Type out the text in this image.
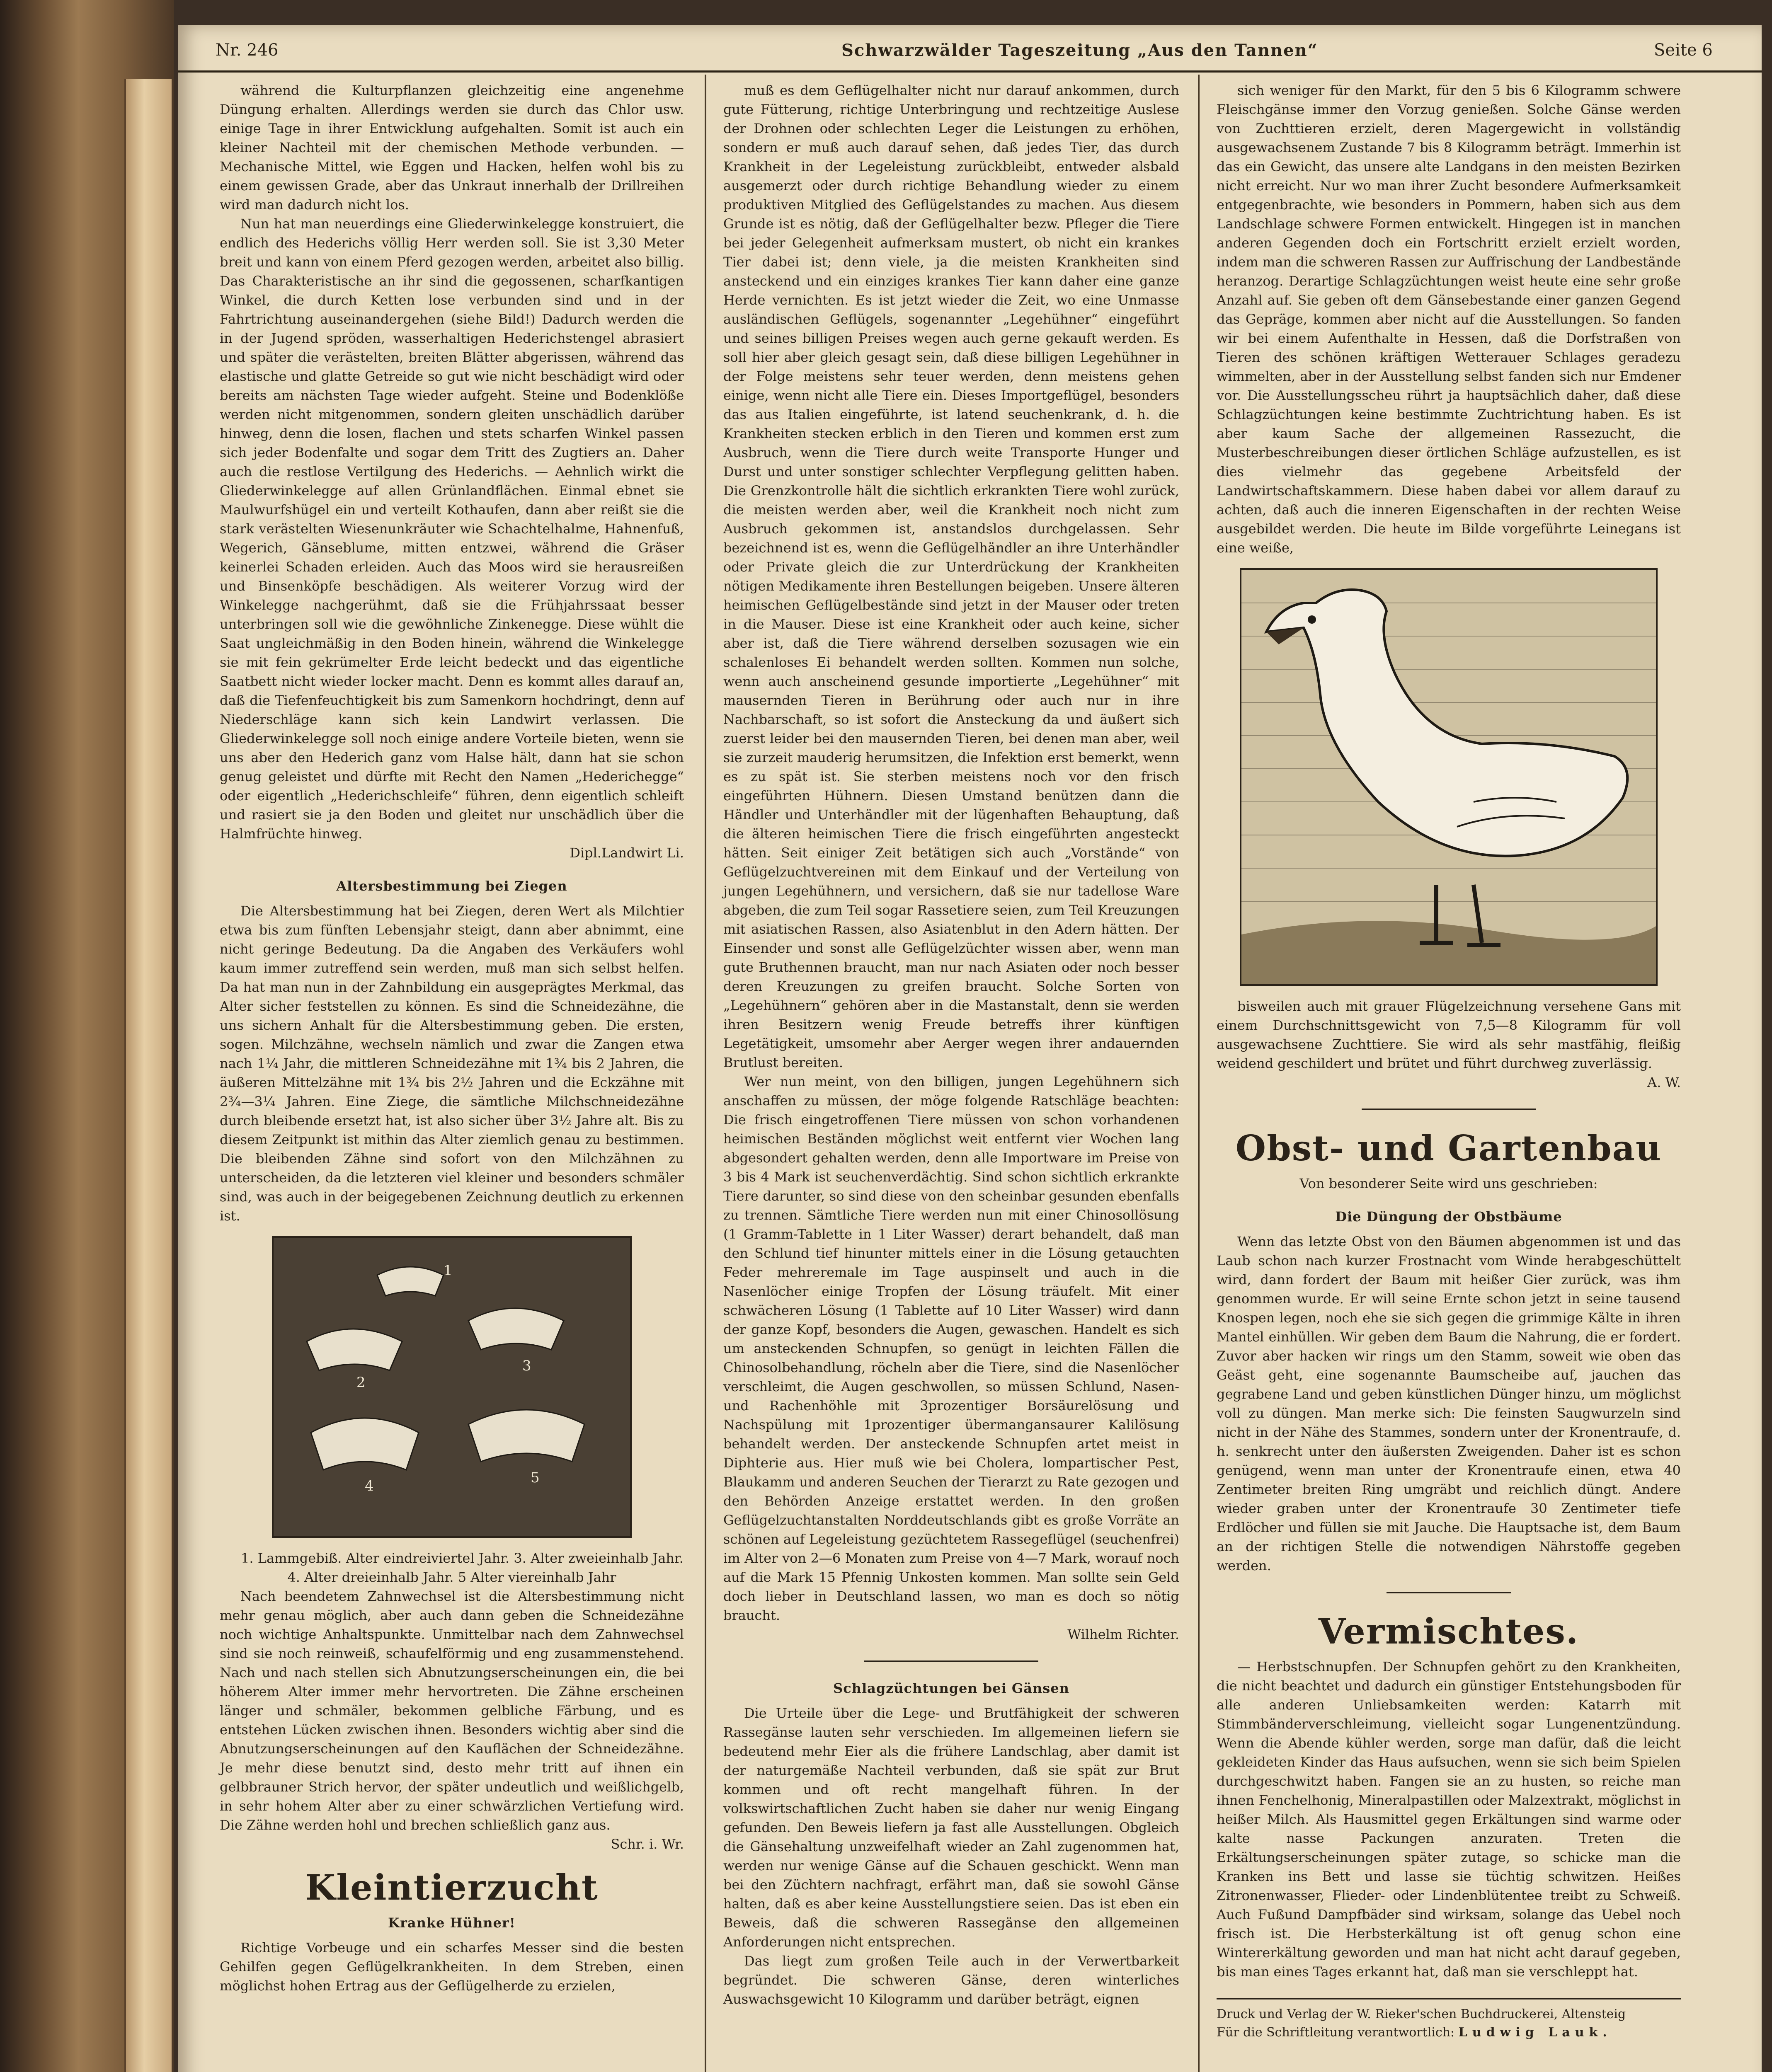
Nr. 246	Schwarzwälder Tageszeitung „Aus den Tannen“	Seite 6

während die Kulturpflanzen gleichzeitig eine angenehme Düngung erhalten. Allerdings werden sie durch das Chlor usw. einige Tage in ihrer Entwicklung aufgehalten. Somit ist auch ein kleiner Nachteil mit der chemischen Methode verbunden. — Mechanische Mittel, wie Eggen und Hacken, helfen wohl bis zu einem gewissen Grade, aber das Unkraut innerhalb der Drillreihen wird man dadurch nicht los.

Nun hat man neuerdings eine Gliederwinkelegge konstruiert, die endlich des Hederichs völlig Herr werden soll. Sie ist 3,30 Meter breit und kann von einem Pferd gezogen werden, arbeitet also billig. Das Charakteristische an ihr sind die gegossenen, scharfkantigen Winkel, die durch Ketten lose verbunden sind und in der Fahrtrichtung auseinandergehen (siehe Bild!) Dadurch werden die in der Jugend spröden, wasserhaltigen Hederichstengel abrasiert und später die verästelten, breiten Blätter abgerissen, während das elastische und glatte Getreide so gut wie nicht beschädigt wird oder bereits am nächsten Tage wieder aufgeht. Steine und Bodenklöße werden nicht mitgenommen, sondern gleiten unschädlich darüber hinweg, denn die losen, flachen und stets scharfen Winkel passen sich jeder Bodenfalte und sogar dem Tritt des Zugtiers an. Daher auch die restlose Vertilgung des Hederichs. — Aehnlich wirkt die Gliederwinkelegge auf allen Grünlandflächen. Einmal ebnet sie Maulwurfshügel ein und verteilt Kothaufen, dann aber reißt sie die stark verästelten Wiesenunkräuter wie Schachtelhalme, Hahnenfuß, Wegerich, Gänseblume, mitten entzwei, während die Gräser keinerlei Schaden erleiden. Auch das Moos wird sie herausreißen und Binsenköpfe beschädigen. Als weiterer Vorzug wird der Winkelegge nachgerühmt, daß sie die Frühjahrssaat besser unterbringen soll wie die gewöhnliche Zinkenegge. Diese wühlt die Saat ungleichmäßig in den Boden hinein, während die Winkelegge sie mit fein gekrümelter Erde leicht bedeckt und das eigentliche Saatbett nicht wieder locker macht. Denn es kommt alles darauf an, daß die Tiefenfeuchtigkeit bis zum Samenkorn hochdringt, denn auf Niederschläge kann sich kein Landwirt verlassen. Die Gliederwinkelegge soll noch einige andere Vorteile bieten, wenn sie uns aber den Hederich ganz vom Halse hält, dann hat sie schon genug geleistet und dürfte mit Recht den Namen „Hederichegge“ oder eigentlich „Hederichschleife“ führen, denn eigentlich schleift und rasiert sie ja den Boden und gleitet nur unschädlich über die Halmfrüchte hinweg.

Dipl.Landwirt Li.

Altersbestimmung bei Ziegen

Die Altersbestimmung hat bei Ziegen, deren Wert als Milchtier etwa bis zum fünften Lebensjahr steigt, dann aber abnimmt, eine nicht geringe Bedeutung. Da die Angaben des Verkäufers wohl kaum immer zutreffend sein werden, muß man sich selbst helfen. Da hat man nun in der Zahnbildung ein ausgeprägtes Merkmal, das Alter sicher feststellen zu können. Es sind die Schneidezähne, die uns sichern Anhalt für die Altersbestimmung geben. Die ersten, sogen. Milchzähne, wechseln nämlich und zwar die Zangen etwa nach 1¼ Jahr, die mittleren Schneidezähne mit 1¾ bis 2 Jahren, die äußeren Mittelzähne mit 1¾ bis 2½ Jahren und die Eckzähne mit 2¾—3¼ Jahren. Eine Ziege, die sämtliche Milchschneidezähne durch bleibende ersetzt hat, ist also sicher über 3½ Jahre alt. Bis zu diesem Zeitpunkt ist mithin das Alter ziemlich genau zu bestimmen. Die bleibenden Zähne sind sofort von den Milchzähnen zu unterscheiden, da die letzteren viel kleiner und besonders schmäler sind, was auch in der beigegebenen Zeichnung deutlich zu erkennen ist.

1
2
3
4	5

1. Lammgebiß. Alter eindreiviertel Jahr. 3. Alter zweieinhalb Jahr. 4. Alter dreieinhalb Jahr. 5 Alter viereinhalb Jahr

Nach beendetem Zahnwechsel ist die Altersbestimmung nicht mehr genau möglich, aber auch dann geben die Schneidezähne noch wichtige Anhaltspunkte. Unmittelbar nach dem Zahnwechsel sind sie noch reinweiß, schaufelförmig und eng zusammenstehend. Nach und nach stellen sich Abnutzungserscheinungen ein, die bei höherem Alter immer mehr hervortreten. Die Zähne erscheinen länger und schmäler, bekommen gelbliche Färbung, und es entstehen Lücken zwischen ihnen. Besonders wichtig aber sind die Abnutzungserscheinungen auf den Kauflächen der Schneidezähne. Je mehr diese benutzt sind, desto mehr tritt auf ihnen ein gelbbrauner Strich hervor, der später undeutlich und weißlichgelb, in sehr hohem Alter aber zu einer schwärzlichen Vertiefung wird. Die Zähne werden hohl und brechen schließlich ganz aus.

Schr. i. Wr.

Kleintierzucht
Kranke Hühner!

Richtige Vorbeuge und ein scharfes Messer sind die besten Gehilfen gegen Geflügelkrankheiten. In dem Streben, einen möglichst hohen Ertrag aus der Geflügelherde zu erzielen,

muß es dem Geflügelhalter nicht nur darauf ankommen, durch gute Fütterung, richtige Unterbringung und rechtzeitige Auslese der Drohnen oder schlechten Leger die Leistungen zu erhöhen, sondern er muß auch darauf sehen, daß jedes Tier, das durch Krankheit in der Legeleistung zurückbleibt, entweder alsbald ausgemerzt oder durch richtige Behandlung wieder zu einem produktiven Mitglied des Geflügelstandes zu machen. Aus diesem Grunde ist es nötig, daß der Geflügelhalter bezw. Pfleger die Tiere bei jeder Gelegenheit aufmerksam mustert, ob nicht ein krankes Tier dabei ist; denn viele, ja die meisten Krankheiten sind ansteckend und ein einziges krankes Tier kann daher eine ganze Herde vernichten. Es ist jetzt wieder die Zeit, wo eine Unmasse ausländischen Geflügels, sogenannter „Legehühner“ eingeführt und seines billigen Preises wegen auch gerne gekauft werden. Es soll hier aber gleich gesagt sein, daß diese billigen Legehühner in der Folge meistens sehr teuer werden, denn meistens gehen einige, wenn nicht alle Tiere ein. Dieses Importgeflügel, besonders das aus Italien eingeführte, ist latend seuchenkrank, d. h. die Krankheiten stecken erblich in den Tieren und kommen erst zum Ausbruch, wenn die Tiere durch weite Transporte Hunger und Durst und unter sonstiger schlechter Verpflegung gelitten haben. Die Grenzkontrolle hält die sichtlich erkrankten Tiere wohl zurück, die meisten werden aber, weil die Krankheit noch nicht zum Ausbruch gekommen ist, anstandslos durchgelassen. Sehr bezeichnend ist es, wenn die Geflügelhändler an ihre Unterhändler oder Private gleich die zur Unterdrückung der Krankheiten nötigen Medikamente ihren Bestellungen beigeben. Unsere älteren heimischen Geflügelbestände sind jetzt in der Mauser oder treten in die Mauser. Diese ist eine Krankheit oder auch keine, sicher aber ist, daß die Tiere während derselben sozusagen wie ein schalenloses Ei behandelt werden sollten. Kommen nun solche, wenn auch anscheinend gesunde importierte „Legehühner“ mit mausernden Tieren in Berührung oder auch nur in ihre Nachbarschaft, so ist sofort die Ansteckung da und äußert sich zuerst leider bei den mausernden Tieren, bei denen man aber, weil sie zurzeit mauderig herumsitzen, die Infektion erst bemerkt, wenn es zu spät ist. Sie sterben meistens noch vor den frisch eingeführten Hühnern. Diesen Umstand benützen dann die Händler und Unterhändler mit der lügenhaften Behauptung, daß die älteren heimischen Tiere die frisch eingeführten angesteckt hätten. Seit einiger Zeit betätigen sich auch „Vorstände“ von Geflügelzuchtvereinen mit dem Einkauf und der Verteilung von jungen Legehühnern, und versichern, daß sie nur tadellose Ware abgeben, die zum Teil sogar Rassetiere seien, zum Teil Kreuzungen mit asiatischen Rassen, also Asiatenblut in den Adern hätten. Der Einsender und sonst alle Geflügelzüchter wissen aber, wenn man gute Bruthennen braucht, man nur nach Asiaten oder noch besser deren Kreuzungen zu greifen braucht. Solche Sorten von „Legehühnern“ gehören aber in die Mastanstalt, denn sie werden ihren Besitzern wenig Freude betreffs ihrer künftigen Legetätigkeit, umsomehr aber Aerger wegen ihrer andauernden Brutlust bereiten.

Wer nun meint, von den billigen, jungen Legehühnern sich anschaffen zu müssen, der möge folgende Ratschläge beachten: Die frisch eingetroffenen Tiere müssen von schon vorhandenen heimischen Beständen möglichst weit entfernt vier Wochen lang abgesondert gehalten werden, denn alle Importware im Preise von 3 bis 4 Mark ist seuchenverdächtig. Sind schon sichtlich erkrankte Tiere darunter, so sind diese von den scheinbar gesunden ebenfalls zu trennen. Sämtliche Tiere werden nun mit einer Chinosollösung (1 Gramm-Tablette in 1 Liter Wasser) derart behandelt, daß man den Schlund tief hinunter mittels einer in die Lösung getauchten Feder mehreremale im Tage auspinselt und auch in die Nasenlöcher einige Tropfen der Lösung träufelt. Mit einer schwächeren Lösung (1 Tablette auf 10 Liter Wasser) wird dann der ganze Kopf, besonders die Augen, gewaschen. Handelt es sich um ansteckenden Schnupfen, so genügt in leichten Fällen die Chinosolbehandlung, röcheln aber die Tiere, sind die Nasenlöcher verschleimt, die Augen geschwollen, so müssen Schlund, Nasen- und Rachenhöhle mit 3prozentiger Borsäurelösung und Nachspülung mit 1prozentiger übermangansaurer Kalilösung behandelt werden. Der ansteckende Schnupfen artet meist in Diphterie aus. Hier muß wie bei Cholera, lompartischer Pest, Blaukamm und anderen Seuchen der Tierarzt zu Rate gezogen und den Behörden Anzeige erstattet werden. In den großen Geflügelzuchtanstalten Norddeutschlands gibt es große Vorräte an schönen auf Legeleistung gezüchtetem Rassegeflügel (seuchenfrei) im Alter von 2—6 Monaten zum Preise von 4—7 Mark, worauf noch auf die Mark 15 Pfennig Unkosten kommen. Man sollte sein Geld doch lieber in Deutschland lassen, wo man es doch so nötig braucht.

Wilhelm Richter.

Schlagzüchtungen bei Gänsen

Die Urteile über die Lege- und Brutfähigkeit der schweren Rassegänse lauten sehr verschieden. Im allgemeinen liefern sie bedeutend mehr Eier als die frühere Landschlag, aber damit ist der naturgemäße Nachteil verbunden, daß sie spät zur Brut kommen und oft recht mangelhaft führen. In der volkswirtschaftlichen Zucht haben sie daher nur wenig Eingang gefunden. Den Beweis liefern ja fast alle Ausstellungen. Obgleich die Gänsehaltung unzweifelhaft wieder an Zahl zugenommen hat, werden nur wenige Gänse auf die Schauen geschickt. Wenn man bei den Züchtern nachfragt, erfährt man, daß sie sowohl Gänse halten, daß es aber keine Ausstellungstiere seien. Das ist eben ein Beweis, daß die schweren Rassegänse den allgemeinen Anforderungen nicht entsprechen.

Das liegt zum großen Teile auch in der Verwertbarkeit begründet. Die schweren Gänse, deren winterliches Auswachsgewicht 10 Kilogramm und darüber beträgt, eignen

sich weniger für den Markt, für den 5 bis 6 Kilogramm schwere Fleischgänse immer den Vorzug genießen. Solche Gänse werden von Zuchttieren erzielt, deren Magergewicht in vollständig ausgewachsenem Zustande 7 bis 8 Kilogramm beträgt. Immerhin ist das ein Gewicht, das unsere alte Landgans in den meisten Bezirken nicht erreicht. Nur wo man ihrer Zucht besondere Aufmerksamkeit entgegenbrachte, wie besonders in Pommern, haben sich aus dem Landschlage schwere Formen entwickelt. Hingegen ist in manchen anderen Gegenden doch ein Fortschritt erzielt erzielt worden, indem man die schweren Rassen zur Auffrischung der Landbestände heranzog. Derartige Schlagzüchtungen weist heute eine sehr große Anzahl auf. Sie geben oft dem Gänsebestande einer ganzen Gegend das Gepräge, kommen aber nicht auf die Ausstellungen. So fanden wir bei einem Aufenthalte in Hessen, daß die Dorfstraßen von Tieren des schönen kräftigen Wetterauer Schlages geradezu wimmelten, aber in der Ausstellung selbst fanden sich nur Emdener vor. Die Ausstellungsscheu rührt ja hauptsächlich daher, daß diese Schlagzüchtungen keine bestimmte Zuchtrichtung haben. Es ist aber kaum Sache der allgemeinen Rassezucht, die Musterbeschreibungen dieser örtlichen Schläge aufzustellen, es ist dies vielmehr das gegebene Arbeitsfeld der Landwirtschaftskammern. Diese haben dabei vor allem darauf zu achten, daß auch die inneren Eigenschaften in der rechten Weise ausgebildet werden. Die heute im Bilde vorgeführte Leinegans ist eine weiße,

bisweilen auch mit grauer Flügelzeichnung versehene Gans mit einem Durchschnittsgewicht von 7,5—8 Kilogramm für voll ausgewachsene Zuchttiere. Sie wird als sehr mastfähig, fleißig weidend geschildert und brütet und führt durchweg zuverlässig.

A. W.

Obst- und Gartenbau

Von besonderer Seite wird uns geschrieben:

Die Düngung der Obstbäume

Wenn das letzte Obst von den Bäumen abgenommen ist und das Laub schon nach kurzer Frostnacht vom Winde herabgeschüttelt wird, dann fordert der Baum mit heißer Gier zurück, was ihm genommen wurde. Er will seine Ernte schon jetzt in seine tausend Knospen legen, noch ehe sie sich gegen die grimmige Kälte in ihren Mantel einhüllen. Wir geben dem Baum die Nahrung, die er fordert. Zuvor aber hacken wir rings um den Stamm, soweit wie oben das Geäst geht, eine sogenannte Baumscheibe auf, jauchen das gegrabene Land und geben künstlichen Dünger hinzu, um möglichst voll zu düngen. Man merke sich: Die feinsten Saugwurzeln sind nicht in der Nähe des Stammes, sondern unter der Kronentraufe, d. h. senkrecht unter den äußersten Zweigenden. Daher ist es schon genügend, wenn man unter der Kronentraufe einen, etwa 40 Zentimeter breiten Ring umgräbt und reichlich düngt. Andere wieder graben unter der Kronentraufe 30 Zentimeter tiefe Erdlöcher und füllen sie mit Jauche. Die Hauptsache ist, dem Baum an der richtigen Stelle die notwendigen Nährstoffe gegeben werden.

Vermischtes.

— Herbstschnupfen. Der Schnupfen gehört zu den Krankheiten, die nicht beachtet und dadurch ein günstiger Entstehungsboden für alle anderen Unliebsamkeiten werden: Katarrh mit Stimmbänderverschleimung, vielleicht sogar Lungenentzündung. Wenn die Abende kühler werden, sorge man dafür, daß die leicht gekleideten Kinder das Haus aufsuchen, wenn sie sich beim Spielen durchgeschwitzt haben. Fangen sie an zu husten, so reiche man ihnen Fenchelhonig, Mineralpastillen oder Malzextrakt, möglichst in heißer Milch. Als Hausmittel gegen Erkältungen sind warme oder kalte nasse Packungen anzuraten. Treten die Erkältungserscheinungen später zutage, so schicke man die Kranken ins Bett und lasse sie tüchtig schwitzen. Heißes Zitronenwasser, Flieder- oder Lindenblütentee treibt zu Schweiß. Auch Fußund Dampfbäder sind wirksam, solange das Uebel noch frisch ist. Die Herbsterkältung ist oft genug schon eine Wintererkältung geworden und man hat nicht acht darauf gegeben, bis man eines Tages erkannt hat, daß man sie verschleppt hat.

Druck und Verlag der W. Rieker'schen Buchdruckerei, Altensteig
Für die Schriftleitung verantwortlich: Ludwig Lauk.
